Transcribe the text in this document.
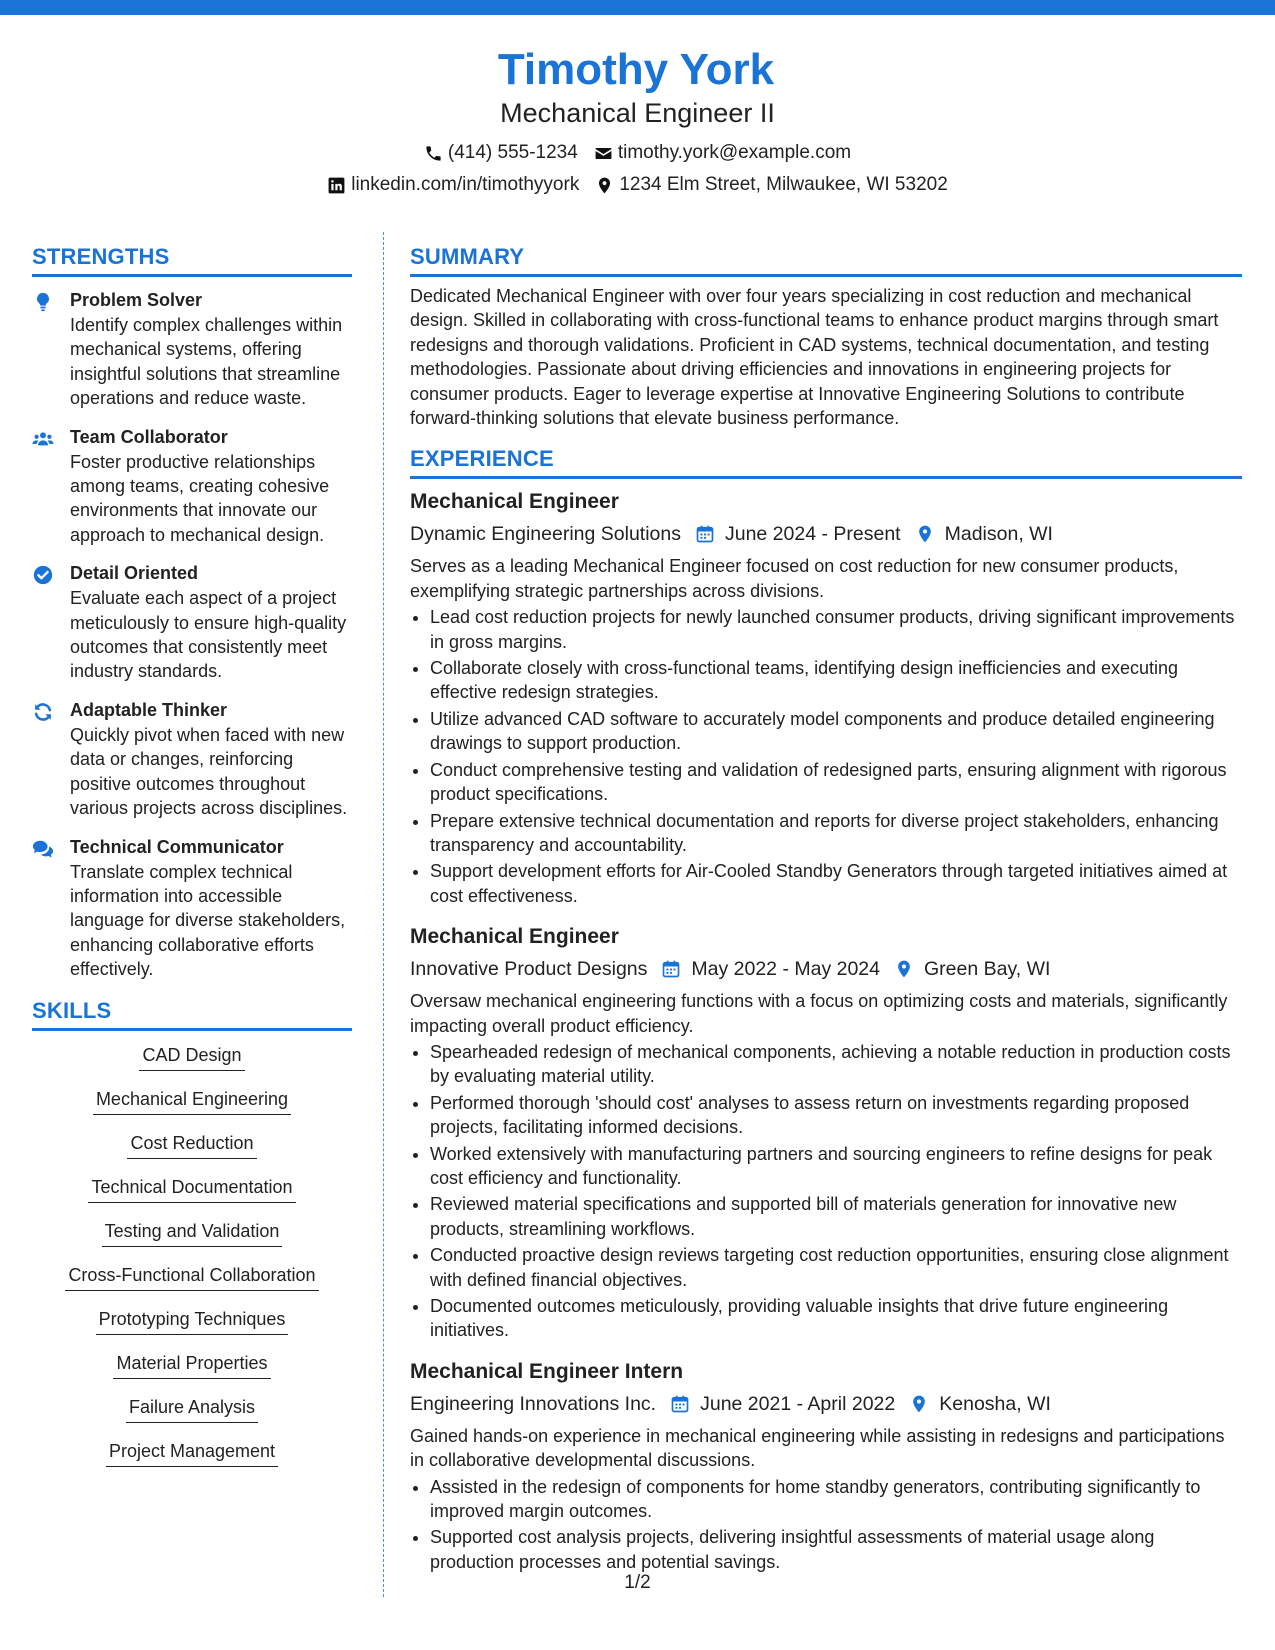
Timothy York
Mechanical Engineer II
(414) 555-1234 timothy.york@example.com
linkedin.com/in/timothyyork 1234 Elm Street, Milwaukee, WI 53202
STRENGTHS
Problem Solver
Identify complex challenges within mechanical systems, offering insightful solutions that streamline operations and reduce waste.
Team Collaborator
Foster productive relationships among teams, creating cohesive environments that innovate our approach to mechanical design.
Detail Oriented
Evaluate each aspect of a project meticulously to ensure high-quality outcomes that consistently meet industry standards.
Adaptable Thinker
Quickly pivot when faced with new data or changes, reinforcing positive outcomes throughout various projects across disciplines.
Technical Communicator
Translate complex technical information into accessible language for diverse stakeholders, enhancing collaborative efforts effectively.
SKILLS
CAD Design
Mechanical Engineering
Cost Reduction
Technical Documentation
Testing and Validation
Cross-Functional Collaboration
Prototyping Techniques
Material Properties
Failure Analysis
Project Management
SUMMARY
Dedicated Mechanical Engineer with over four years specializing in cost reduction and mechanical design. Skilled in collaborating with cross-functional teams to enhance product margins through smart redesigns and thorough validations. Proficient in CAD systems, technical documentation, and testing methodologies. Passionate about driving efficiencies and innovations in engineering projects for consumer products. Eager to leverage expertise at Innovative Engineering Solutions to contribute forward-thinking solutions that elevate business performance.
EXPERIENCE
Mechanical Engineer
Dynamic Engineering Solutions June 2024 - Present Madison, WI
Serves as a leading Mechanical Engineer focused on cost reduction for new consumer products, exemplifying strategic partnerships across divisions.
• Lead cost reduction projects for newly launched consumer products, driving significant improvements in gross margins.
• Collaborate closely with cross-functional teams, identifying design inefficiencies and executing effective redesign strategies.
• Utilize advanced CAD software to accurately model components and produce detailed engineering drawings to support production.
• Conduct comprehensive testing and validation of redesigned parts, ensuring alignment with rigorous product specifications.
• Prepare extensive technical documentation and reports for diverse project stakeholders, enhancing transparency and accountability.
• Support development efforts for Air-Cooled Standby Generators through targeted initiatives aimed at cost effectiveness.
Mechanical Engineer
Innovative Product Designs May 2022 - May 2024 Green Bay, WI
Oversaw mechanical engineering functions with a focus on optimizing costs and materials, significantly impacting overall product efficiency.
• Spearheaded redesign of mechanical components, achieving a notable reduction in production costs by evaluating material utility.
• Performed thorough 'should cost' analyses to assess return on investments regarding proposed projects, facilitating informed decisions.
• Worked extensively with manufacturing partners and sourcing engineers to refine designs for peak cost efficiency and functionality.
• Reviewed material specifications and supported bill of materials generation for innovative new products, streamlining workflows.
• Conducted proactive design reviews targeting cost reduction opportunities, ensuring close alignment with defined financial objectives.
• Documented outcomes meticulously, providing valuable insights that drive future engineering initiatives.
Mechanical Engineer Intern
Engineering Innovations Inc. June 2021 - April 2022 Kenosha, WI
Gained hands-on experience in mechanical engineering while assisting in redesigns and participations in collaborative developmental discussions.
• Assisted in the redesign of components for home standby generators, contributing significantly to improved margin outcomes.
• Supported cost analysis projects, delivering insightful assessments of material usage along production processes and potential savings.
1/2
